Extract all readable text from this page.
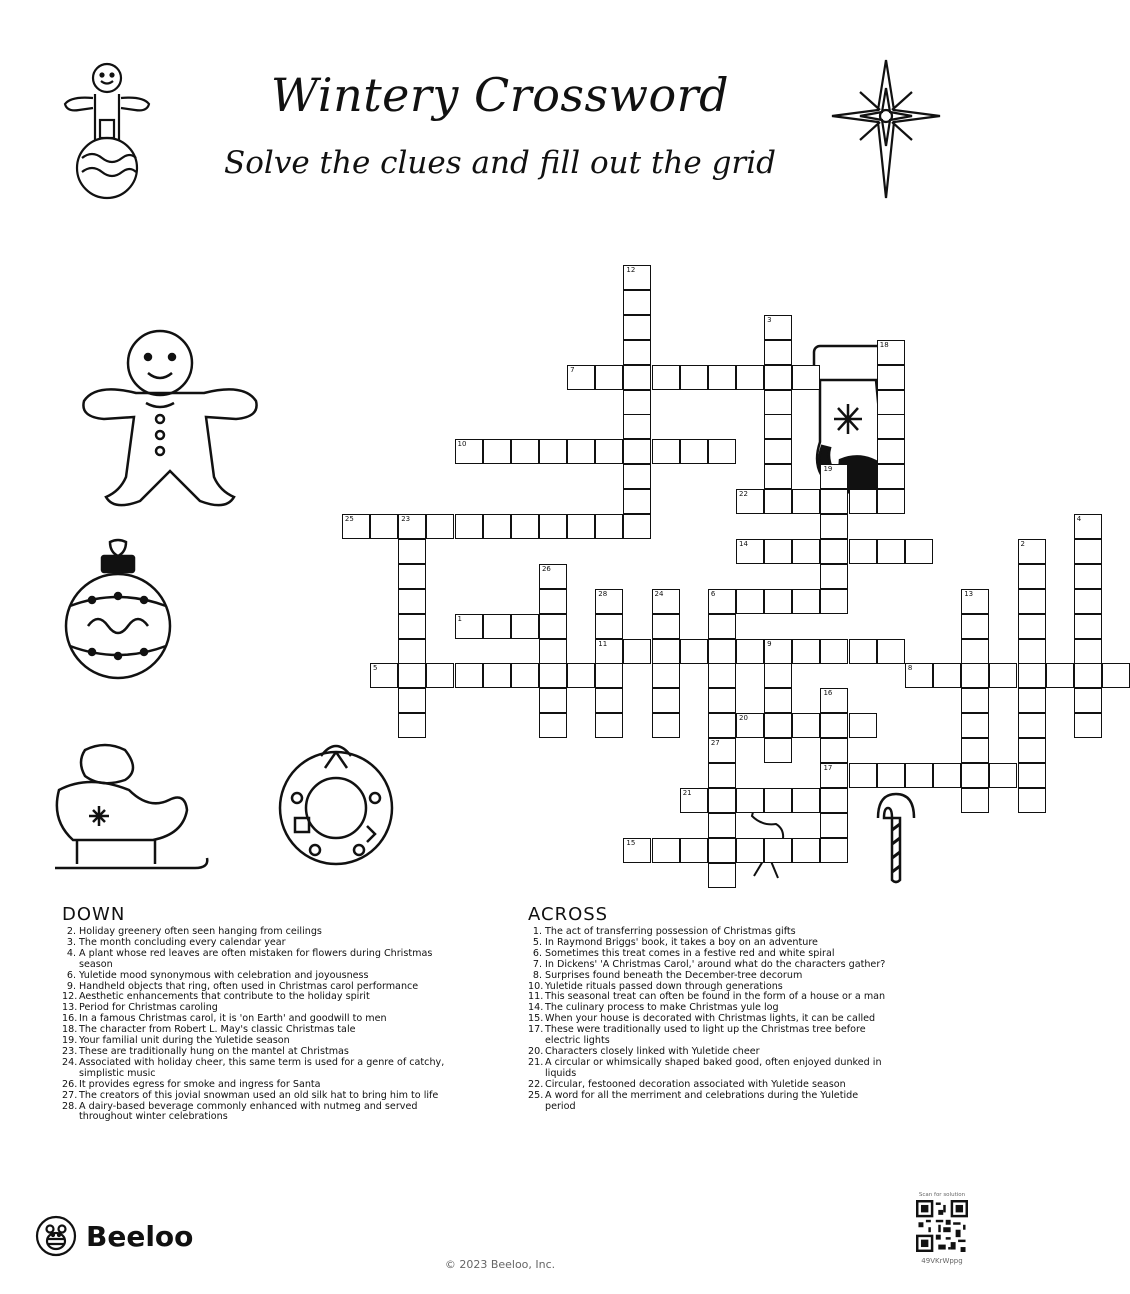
Wintery Crossword
Solve the clues and fill out the grid
12
3
18
7
10
19
22
25	23	4
14	2
26
28
11
24	6	13
1
9
5	8
16
17
20
27
21
15
DOWN
2. Holiday greenery often seen hanging from ceilings
3. The month concluding every calendar year
4. A plant whose red leaves are often mistaken for flowers during Christmas season
6. Yuletide mood synonymous with celebration and joyousness
9. Handheld objects that ring, often used in Christmas carol performance
12. Aesthetic enhancements that contribute to the holiday spirit
13. Period for Christmas caroling
16. In a famous Christmas carol, it is 'on Earth' and goodwill to men
18. The character from Robert L. May's classic Christmas tale
19. Your familial unit during the Yuletide season
23. These are traditionally hung on the mantel at Christmas
24. Associated with holiday cheer, this same term is used for a genre of catchy, simplistic music
26. It provides egress for smoke and ingress for Santa
27. The creators of this jovial snowman used an old silk hat to bring him to life
28. A dairy-based beverage commonly enhanced with nutmeg and served throughout winter celebrations
ACROSS
1. The act of transferring possession of Christmas gifts
5. In Raymond Briggs' book, it takes a boy on an adventure
6. Sometimes this treat comes in a festive red and white spiral
7. In Dickens' 'A Christmas Carol,' around what do the characters gather?
8. Surprises found beneath the December-tree decorum
10. Yuletide rituals passed down through generations
11. This seasonal treat can often be found in the form of a house or a man
14. The culinary process to make Christmas yule log
15. When your house is decorated with Christmas lights, it can be called
17. These were traditionally used to light up the Christmas tree before electric lights
20. Characters closely linked with Yuletide cheer
21. A circular or whimsically shaped baked good, often enjoyed dunked in liquids
22. Circular, festooned decoration associated with Yuletide season
25. A word for all the merriment and celebrations during the Yuletide period
Beeloo
Scan for solution
49VKrWppg
© 2023 Beeloo, Inc.
